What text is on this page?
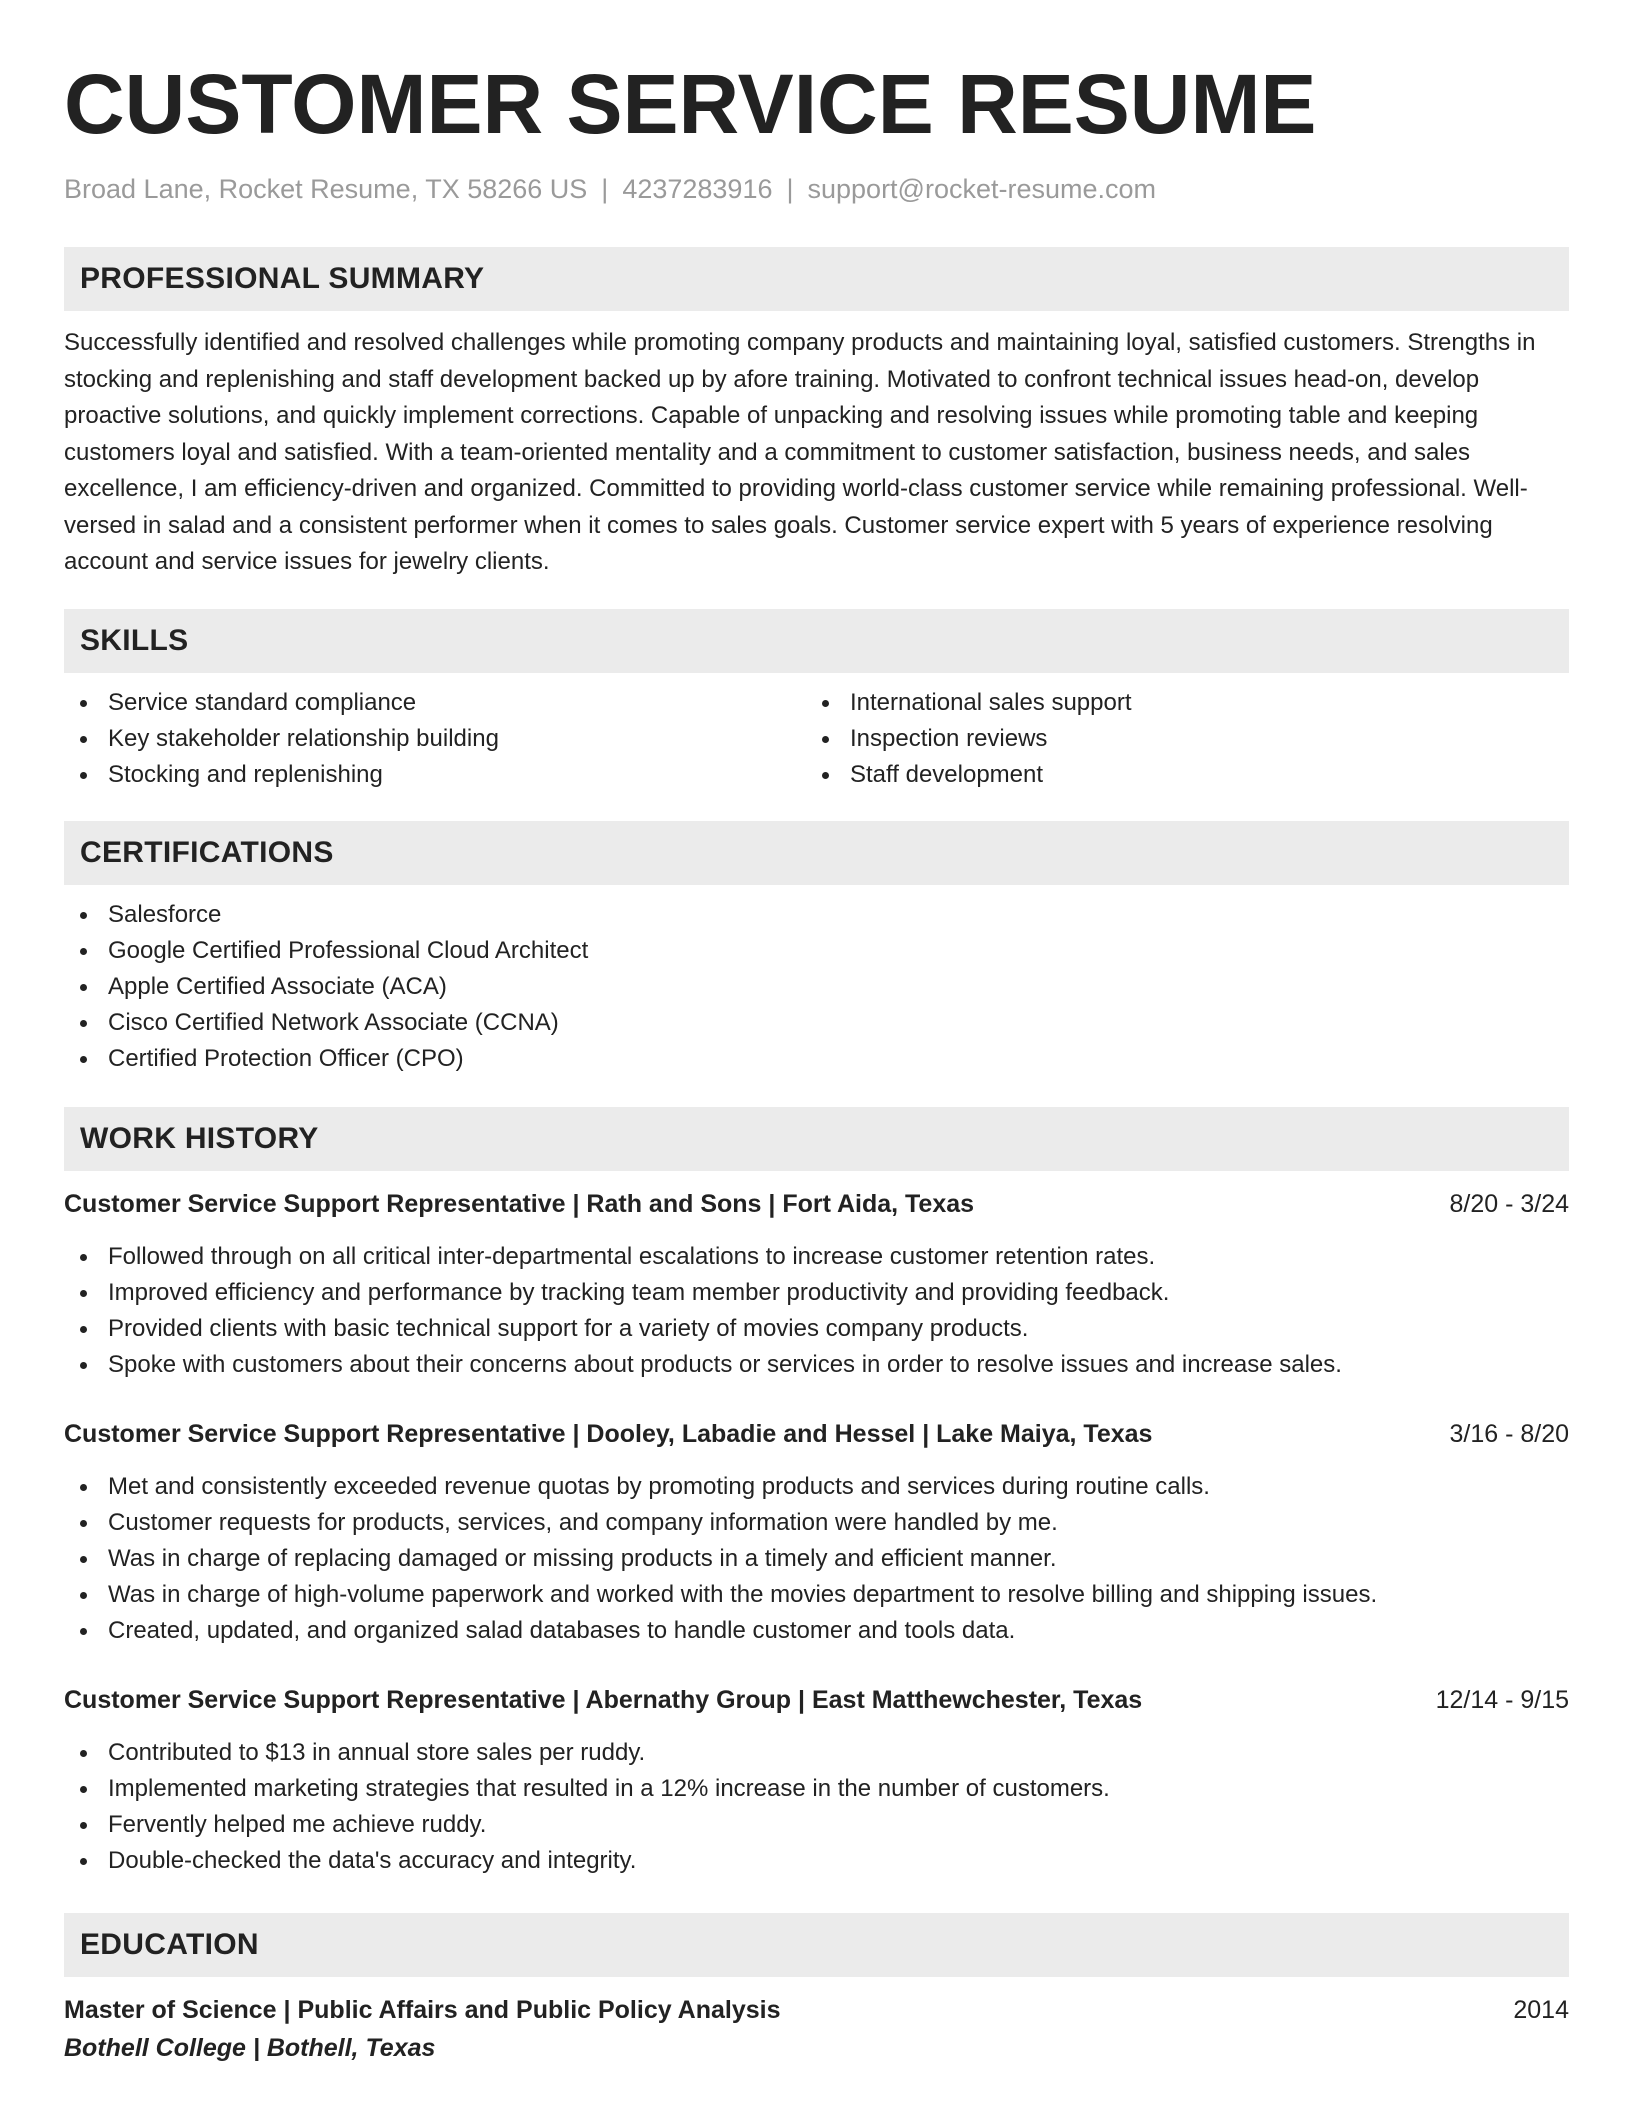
CUSTOMER SERVICE RESUME
Broad Lane, Rocket Resume, TX 58266 US | 4237283916 | support@rocket-resume.com
PROFESSIONAL SUMMARY

Successfully identified and resolved challenges while promoting company products and maintaining loyal, satisfied customers. Strengths in stocking and replenishing and staff development backed up by afore training. Motivated to confront technical issues head-on, develop proactive solutions, and quickly implement corrections. Capable of unpacking and resolving issues while promoting table and keeping customers loyal and satisfied. With a team-oriented mentality and a commitment to customer satisfaction, business needs, and sales excellence, I am efficiency-driven and organized. Committed to providing world-class customer service while remaining professional. Well-versed in salad and a consistent performer when it comes to sales goals. Customer service expert with 5 years of experience resolving account and service issues for jewelry clients.

SKILLS
Service standard compliance
Key stakeholder relationship building
Stocking and replenishing
International sales support
Inspection reviews
Staff development
CERTIFICATIONS
Salesforce
Google Certified Professional Cloud Architect
Apple Certified Associate (ACA)
Cisco Certified Network Associate (CCNA)
Certified Protection Officer (CPO)
WORK HISTORY
Customer Service Support Representative | Rath and Sons | Fort Aida, Texas	8/20 - 3/24
Followed through on all critical inter-departmental escalations to increase customer retention rates.
Improved efficiency and performance by tracking team member productivity and providing feedback.
Provided clients with basic technical support for a variety of movies company products.
Spoke with customers about their concerns about products or services in order to resolve issues and increase sales.
Customer Service Support Representative | Dooley, Labadie and Hessel | Lake Maiya, Texas	3/16 - 8/20
Met and consistently exceeded revenue quotas by promoting products and services during routine calls.
Customer requests for products, services, and company information were handled by me.
Was in charge of replacing damaged or missing products in a timely and efficient manner.
Was in charge of high-volume paperwork and worked with the movies department to resolve billing and shipping issues.
Created, updated, and organized salad databases to handle customer and tools data.
Customer Service Support Representative | Abernathy Group | East Matthewchester, Texas	12/14 - 9/15
Contributed to $13 in annual store sales per ruddy.
Implemented marketing strategies that resulted in a 12% increase in the number of customers.
Fervently helped me achieve ruddy.
Double-checked the data's accuracy and integrity.
EDUCATION
Master of Science | Public Affairs and Public Policy Analysis	2014
Bothell College | Bothell, Texas
